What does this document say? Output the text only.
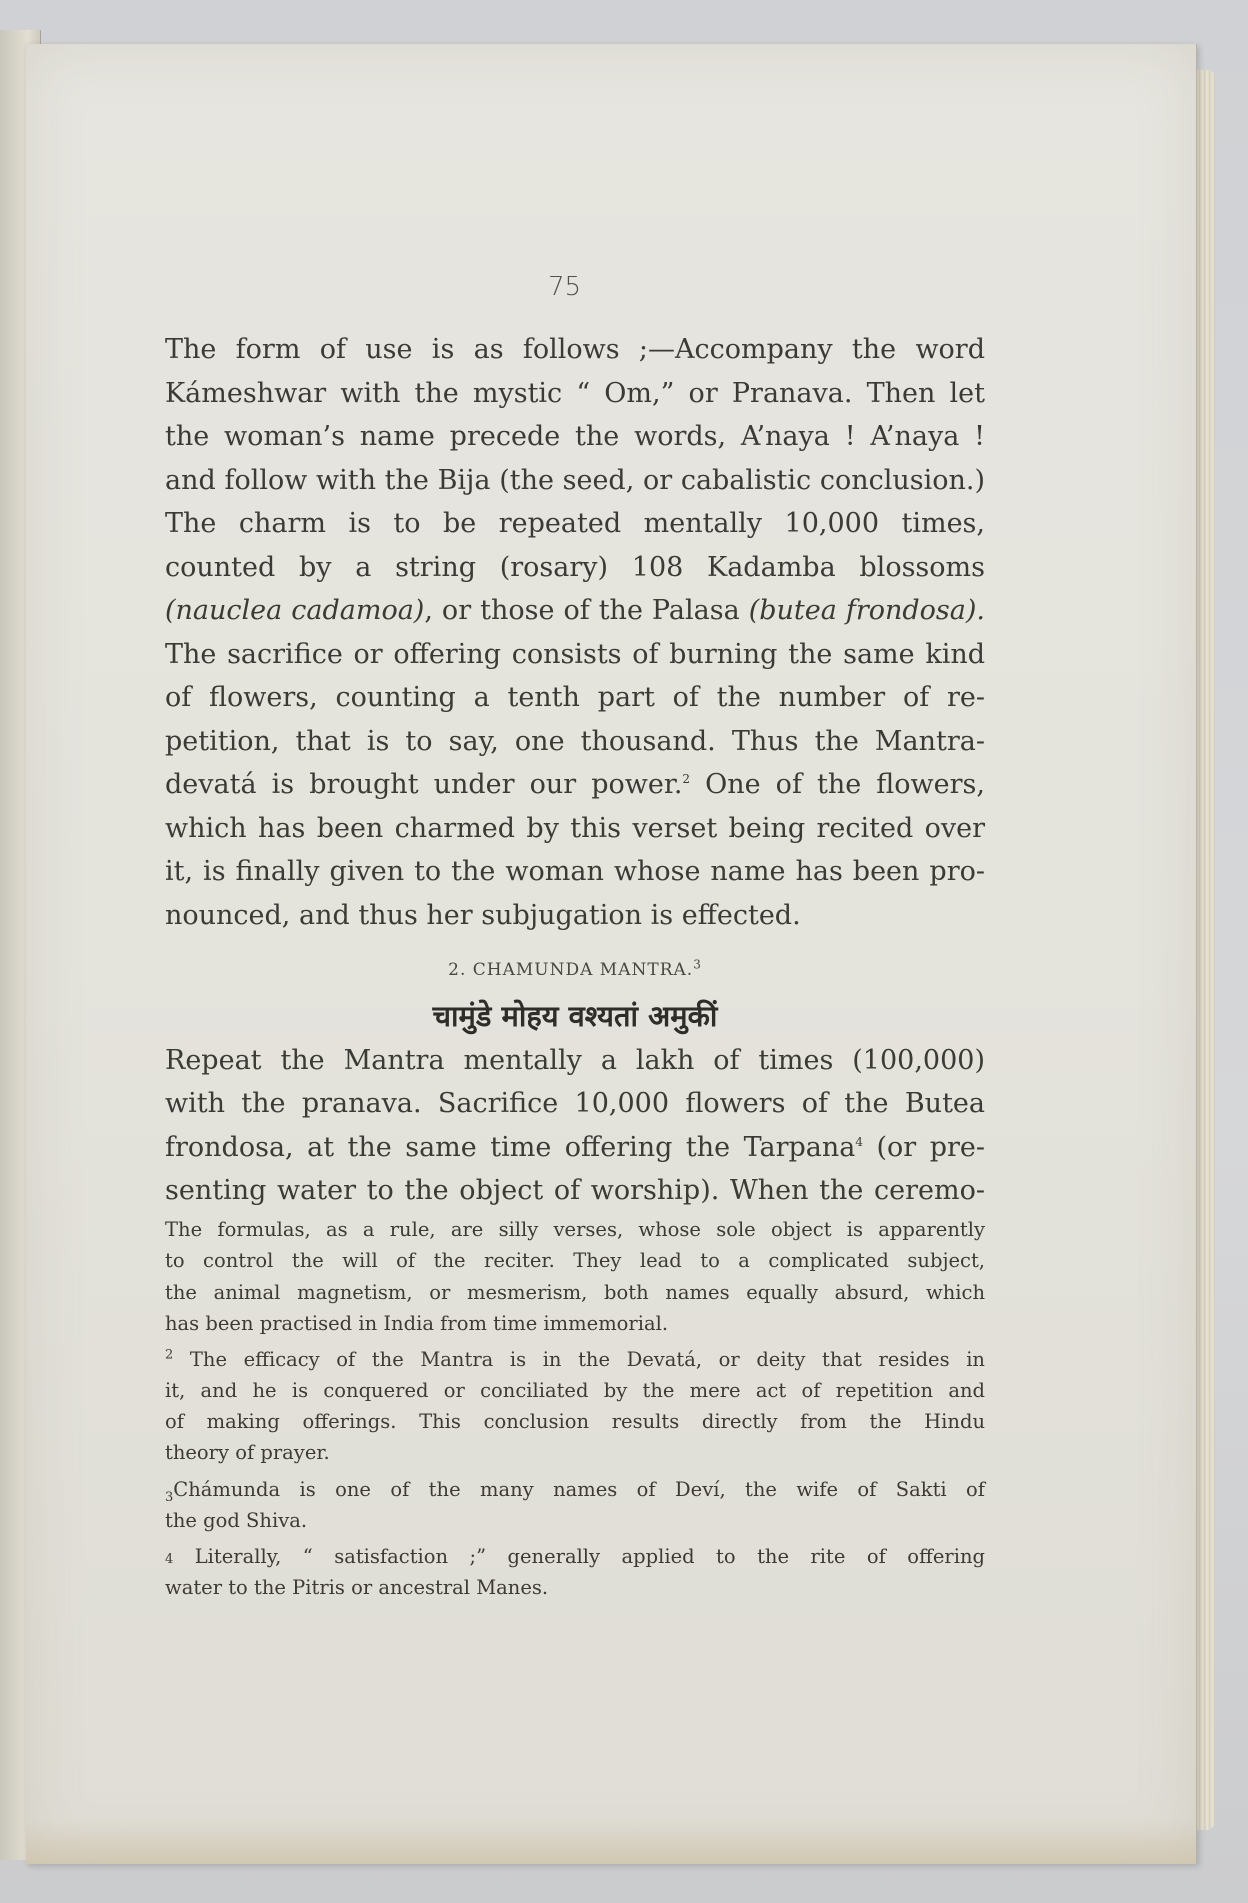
75
The form of use is as follows ;—Accompany the word
Kámeshwar with the mystic “ Om,” or Pranava. Then let
the woman’s name precede the words, A’naya ! A’naya !
and follow with the Bija (the seed, or cabalistic conclusion.)
The charm is to be repeated mentally 10,000 times,
counted by a string (rosary) 108 Kadamba blossoms
(nauclea cadamoa), or those of the Palasa (butea frondosa).
The sacrifice or offering consists of burning the same kind
of flowers, counting a tenth part of the number of re-
petition, that is to say, one thousand. Thus the Mantra-
devatá is brought under our power.$^2$ One of the flowers,
which has been charmed by this verset being recited over
it, is finally given to the woman whose name has been pro-
nounced, and thus her subjugation is effected.
2. CHAMUNDA MANTRA.$^3$
चामुंडे मोहय वश्यतां अमुकीं
Repeat the Mantra mentally a lakh of times (100,000)
with the pranava. Sacrifice 10,000 flowers of the Butea
frondosa, at the same time offering the Tarpana$^4$ (or pre-
senting water to the object of worship). When the ceremo-
The formulas, as a rule, are silly verses, whose sole object is apparently
to control the will of the reciter. They lead to a complicated subject,
the animal magnetism, or mesmerism, both names equally absurd, which
has been practised in India from time immemorial.
$^2$ The efficacy of the Mantra is in the Devatá, or deity that resides in
it, and he is conquered or conciliated by the mere act of repetition and
of making offerings. This conclusion results directly from the Hindu
theory of prayer.
$_3$Chámunda is one of the many names of Deví, the wife of Sakti of
the god Shiva.
4 Literally, “ satisfaction ;” generally applied to the rite of offering
water to the Pitris or ancestral Manes.
